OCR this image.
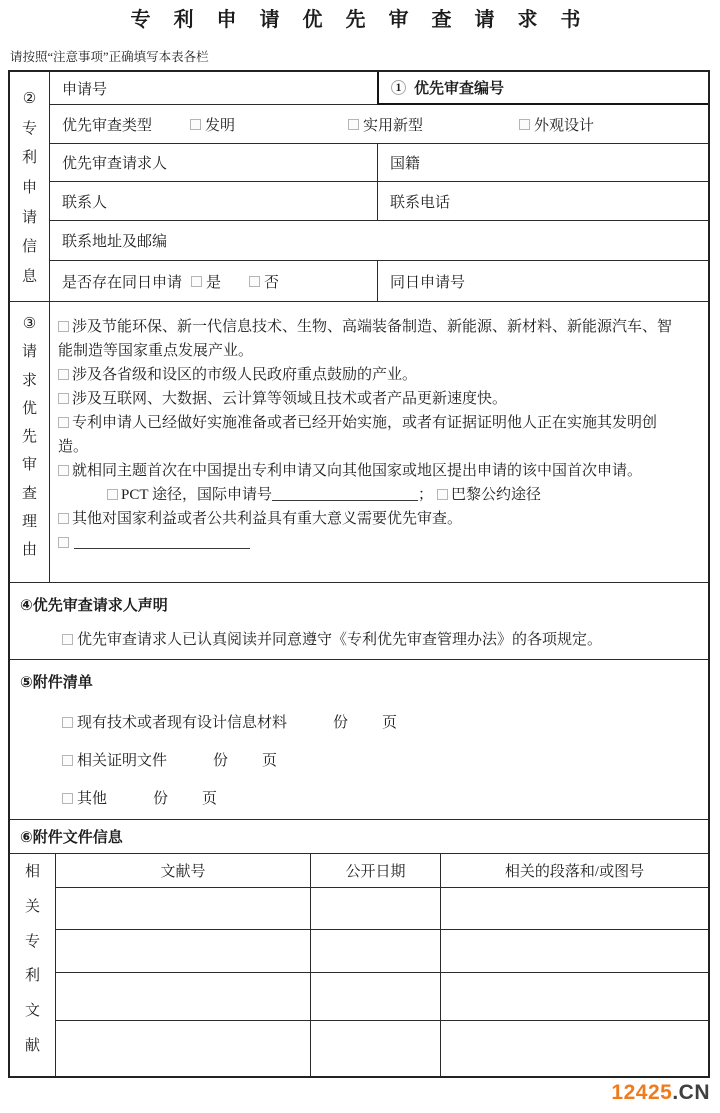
专 利 申 请 优 先 审 查 请 求 书
请按照“注意事项”正确填写本表各栏
②
专
利
申
请
信
息
申请号	1 优先审查编号
优先审查类型	发明	实用新型	外观设计
优先审查请求人	国籍
联系人	联系电话
联系地址及邮编
是否存在同日申请 是	否	同日申请号
③
请
求
优
先
审
查
理
由
涉及节能环保、新一代信息技术、生物、高端装备制造、新能源、新材料、新能源汽车、智能制造等国家重点发展产业。
涉及各省级和设区的市级人民政府重点鼓励的产业。
涉及互联网、大数据、云计算等领域且技术或者产品更新速度快。
专利申请人已经做好实施准备或者已经开始实施，或者有证据证明他人正在实施其发明创造。
就相同主题首次在中国提出专利申请又向其他国家或地区提出申请的该中国首次申请。
PCT 途径，国际申请号	； 巴黎公约途径
其他对国家利益或者公共利益具有重大意义需要优先审查。
④优先审查请求人声明
优先审查请求人已认真阅读并同意遵守《专利优先审查管理办法》的各项规定。
⑤附件清单
现有技术或者现有设计信息材料	份 页
相关证明文件	份 页
其他	份 页
⑥附件文件信息
相
关
专
利
文
献
文献号	公开日期	相关的段落和/或图号
12425.CN
